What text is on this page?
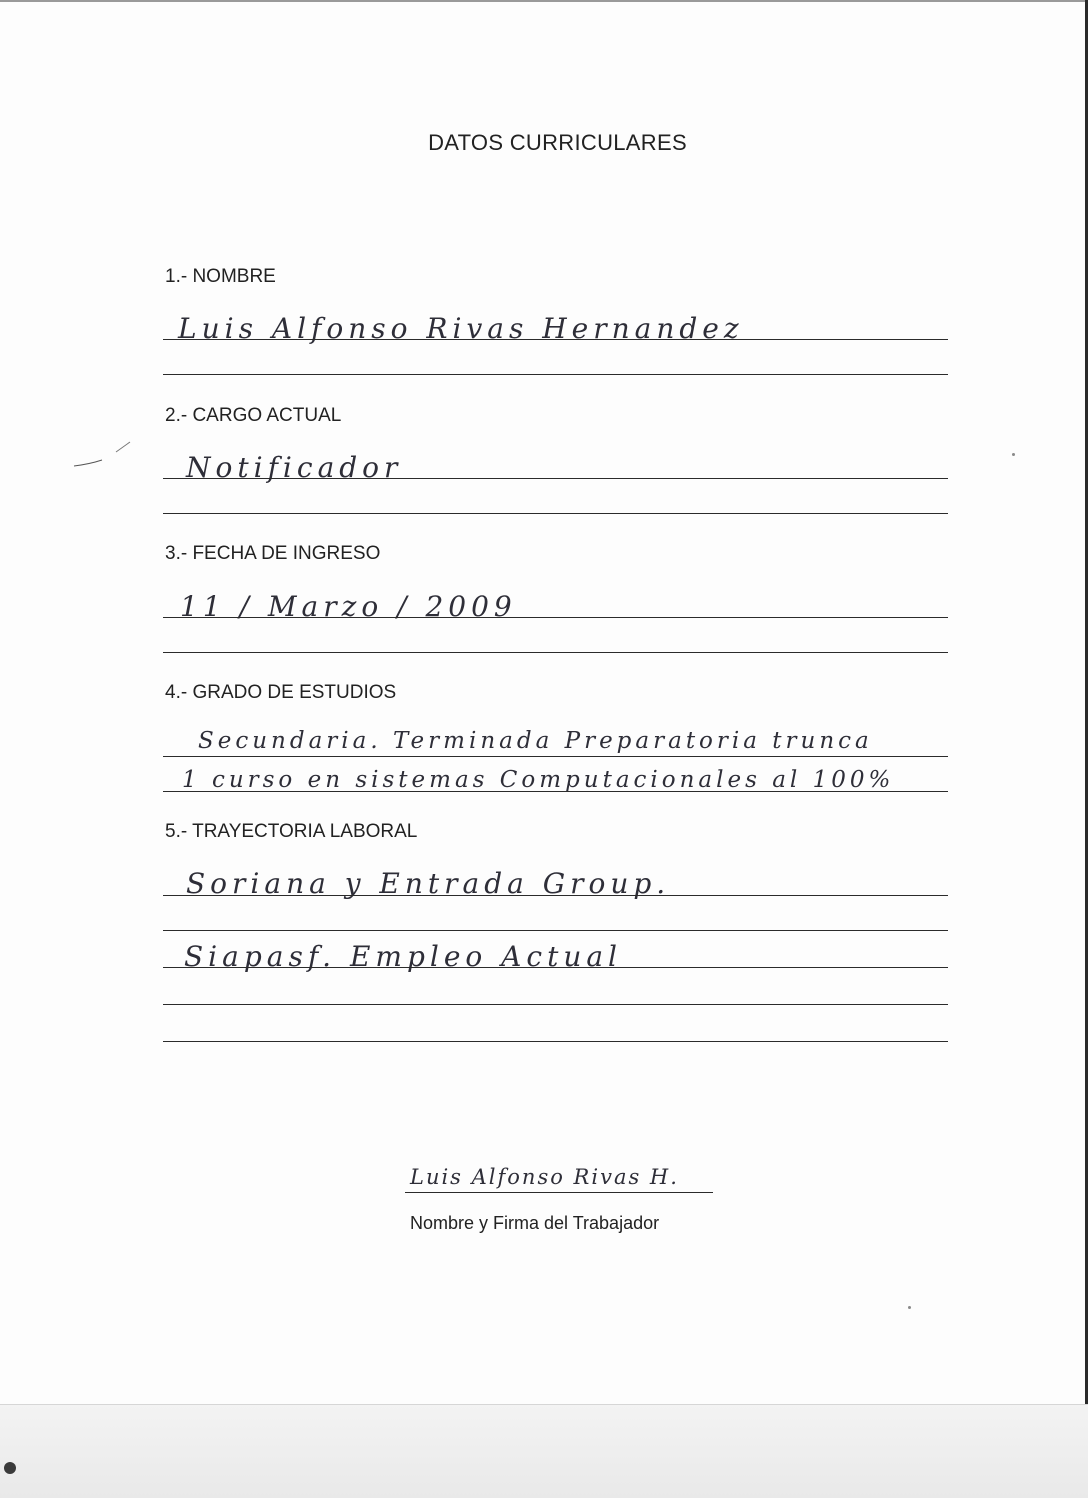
DATOS CURRICULARES
1.- NOMBRE
Luis Alfonso Rivas Hernandez
2.- CARGO ACTUAL
Notificador
3.- FECHA DE INGRESO
11 / Marzo / 2009
4.- GRADO DE ESTUDIOS
Secundaria. Terminada Preparatoria trunca
1 curso en sistemas Computacionales al 100%
5.- TRAYECTORIA LABORAL
Soriana y Entrada Group.
Siapasf. Empleo Actual
Luis Alfonso Rivas H.
Nombre y Firma del Trabajador
